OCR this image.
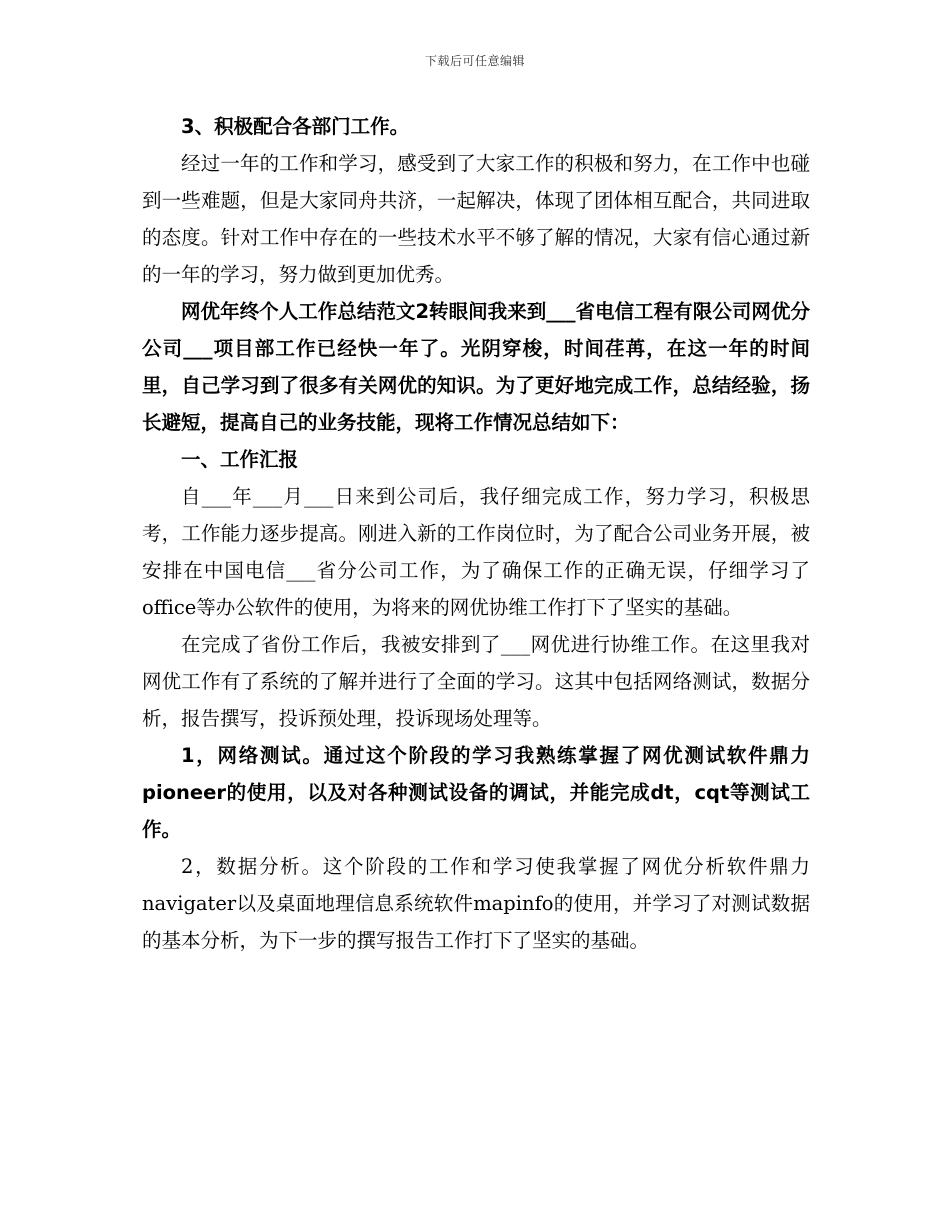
下载后可任意编辑

3、积极配合各部门工作。

经过一年的工作和学习，感受到了大家工作的积极和努力，在工作中也碰到一些难题，但是大家同舟共济，一起解决，体现了团体相互配合，共同进取的态度。针对工作中存在的一些技术水平不够了解的情况，大家有信心通过新的一年的学习，努力做到更加优秀。

网优年终个人工作总结范文2转眼间我来到___省电信工程有限公司网优分公司___项目部工作已经快一年了。光阴穿梭，时间荏苒，在这一年的时间里，自己学习到了很多有关网优的知识。为了更好地完成工作，总结经验，扬长避短，提高自己的业务技能，现将工作情况总结如下：

一、工作汇报

自___年___月___日来到公司后，我仔细完成工作，努力学习，积极思考，工作能力逐步提高。刚进入新的工作岗位时，为了配合公司业务开展，被安排在中国电信___省分公司工作，为了确保工作的正确无误，仔细学习了office等办公软件的使用，为将来的网优协维工作打下了坚实的基础。

在完成了省份工作后，我被安排到了___网优进行协维工作。在这里我对网优工作有了系统的了解并进行了全面的学习。这其中包括网络测试，数据分析，报告撰写，投诉预处理，投诉现场处理等。

1，网络测试。通过这个阶段的学习我熟练掌握了网优测试软件鼎力pioneer的使用，以及对各种测试设备的调试，并能完成dt，cqt等测试工作。

2，数据分析。这个阶段的工作和学习使我掌握了网优分析软件鼎力navigater以及桌面地理信息系统软件mapinfo的使用，并学习了对测试数据的基本分析，为下一步的撰写报告工作打下了坚实的基础。
